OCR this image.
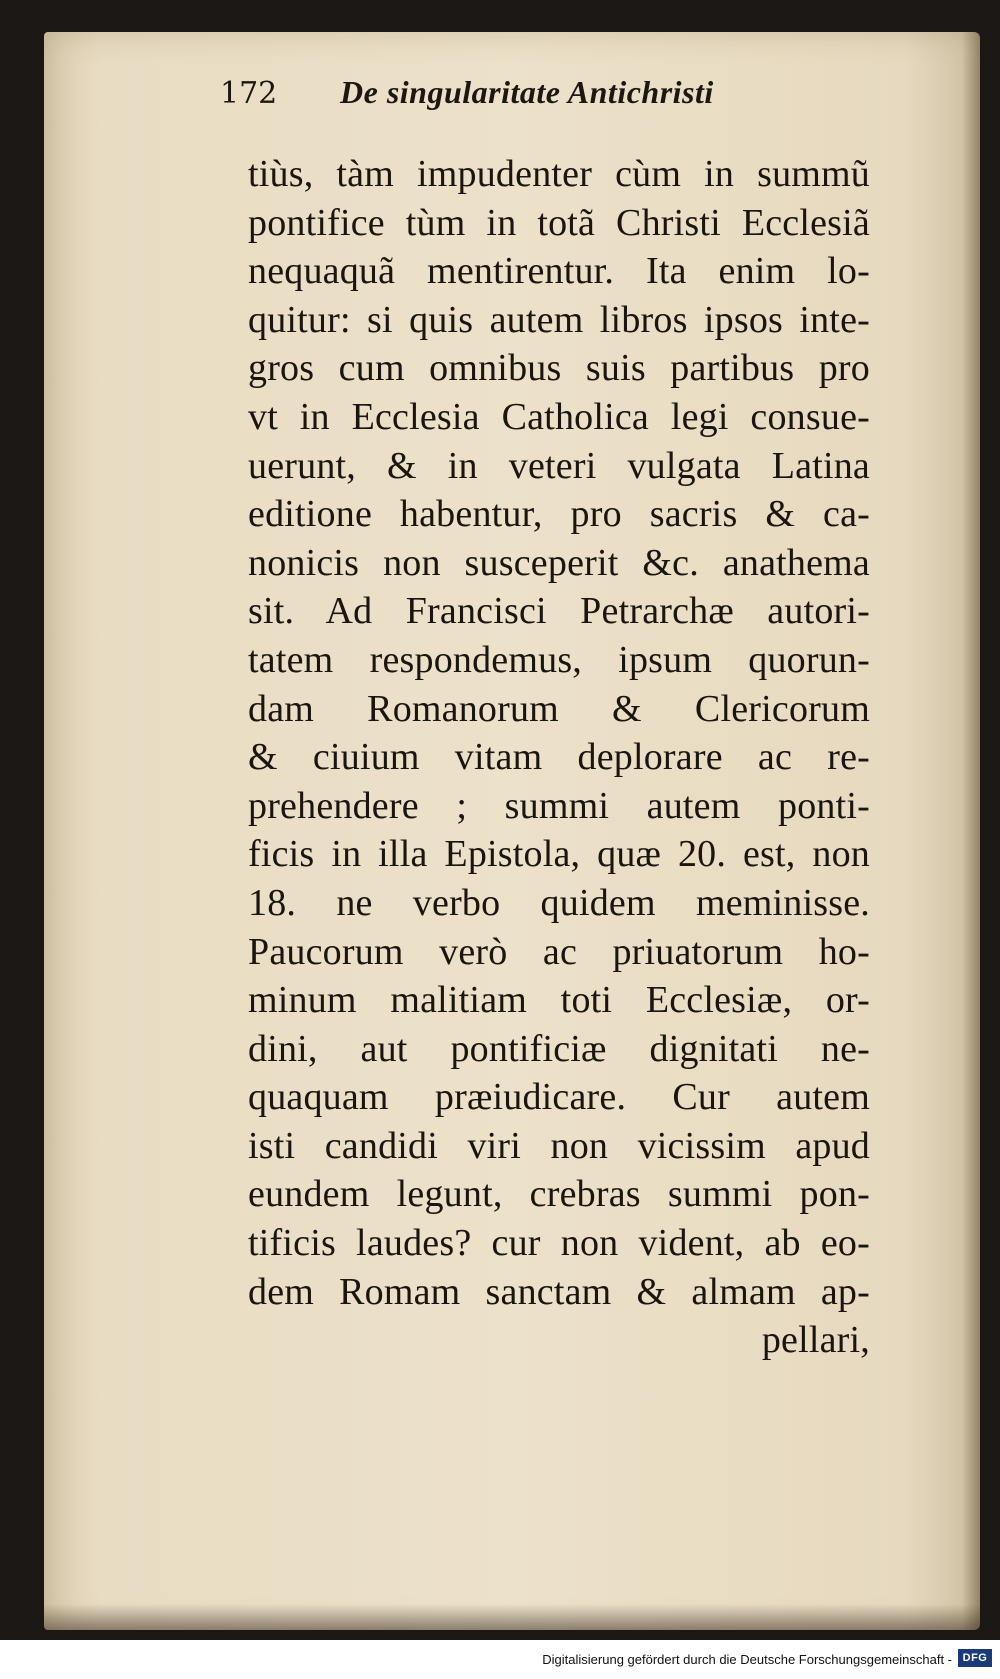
172 De singularitate Antichristi
tiùs, tàm impudenter cùm in summũ
pontifice tùm in totã Christi Ecclesiã
nequaquã mentirentur. Ita enim lo-
quitur: si quis autem libros ipsos inte-
gros cum omnibus suis partibus pro
vt in Ecclesia Catholica legi consue-
uerunt, & in veteri vulgata Latina
editione habentur, pro sacris & ca-
nonicis non susceperit &c. anathema
sit. Ad Francisci Petrarchæ autori-
tatem respondemus, ipsum quorun-
dam Romanorum & Clericorum
& ciuium vitam deplorare ac re-
prehendere ; summi autem ponti-
ficis in illa Epistola, quæ 20. est, non
18. ne verbo quidem meminisse.
Paucorum verò ac priuatorum ho-
minum malitiam toti Ecclesiæ, or-
dini, aut pontificiæ dignitati ne-
quaquam præiudicare. Cur autem
isti candidi viri non vicissim apud
eundem legunt, crebras summi pon-
tificis laudes? cur non vident, ab eo-
dem Romam sanctam & almam ap-
pellari,
Digitalisierung gefördert durch die Deutsche Forschungsgemeinschaft - DFG
